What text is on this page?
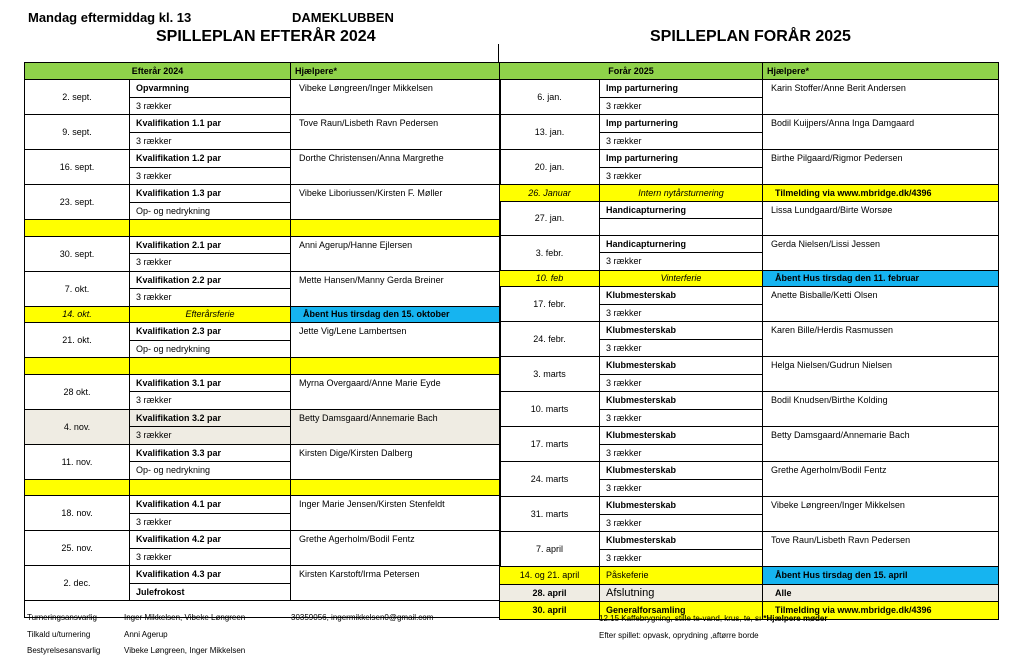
Mandag eftermiddag kl. 13	DAMEKLUBBEN
SPILLEPLAN EFTERÅR 2024	SPILLEPLAN FORÅR 2025
Efterår 2024		Hjælpere*
2. sept.	Opvarmning	Vibeke Løngreen/Inger Mikkelsen
	3 rækker	
9. sept.	Kvalifikation 1.1 par	Tove Raun/Lisbeth Ravn Pedersen
	3 rækker	
16. sept.	Kvalifikation 1.2 par	Dorthe Christensen/Anna Margrethe
	3 rækker	
23. sept.	Kvalifikation 1.3 par	Vibeke Liboriussen/Kirsten F. Møller
	Op- og nedrykning	

30. sept.	Kvalifikation 2.1 par	Anni Agerup/Hanne Ejlersen
	3 rækker	
7. okt.	Kvalifikation 2.2 par	Mette Hansen/Manny Gerda Breiner
	3 rækker	
14. okt.	Efterårsferie	Åbent Hus tirsdag den 15. oktober
21. okt.	Kvalifikation 2.3 par	Jette Vig/Lene Lambertsen
	Op- og nedrykning	

28 okt.	Kvalifikation 3.1 par	Myrna Overgaard/Anne Marie Eyde
	3 rækker	
4. nov.	Kvalifikation 3.2 par	Betty Damsgaard/Annemarie Bach
	3 rækker	
11. nov.	Kvalifikation 3.3 par	Kirsten Dige/Kirsten Dalberg
	Op- og nedrykning	

18. nov.	Kvalifikation 4.1 par	Inger Marie Jensen/Kirsten Stenfeldt
	3 rækker	
25. nov.	Kvalifikation 4.2 par	Grethe Agerholm/Bodil Fentz
	3 rækker	
2. dec.	Kvalifikation 4.3 par	Kirsten Karstoft/Irma Petersen
	Julefrokost	

Forår 2025		Hjælpere*
6. jan.	Imp parturnering	Karin Stoffer/Anne Berit Andersen
	3 rækker	
13. jan.	Imp parturnering	Bodil Kuijpers/Anna Inga Damgaard
	3 rækker	
20. jan.	Imp parturnering	Birthe Pilgaard/Rigmor Pedersen
	3 rækker	
26. Januar	Intern nytårsturnering	Tilmelding via www.mbridge.dk/4396
27. jan.	Handicapturnering	Lissa Lundgaard/Birte Worsøe

3. febr.	Handicapturnering	Gerda Nielsen/Lissi Jessen
	3 rækker	
10. feb	Vinterferie	Åbent Hus tirsdag den 11. februar
17. febr.	Klubmesterskab	Anette Bisballe/Ketti Olsen
	3 rækker	
24. febr.	Klubmesterskab	Karen Bille/Herdis Rasmussen
	3 rækker	
3. marts	Klubmesterskab	Helga Nielsen/Gudrun Nielsen
	3 rækker	
10. marts	Klubmesterskab	Bodil Knudsen/Birthe Kolding
	3 rækker	
17. marts	Klubmesterskab	Betty Damsgaard/Annemarie Bach
	3 rækker	
24. marts	Klubmesterskab	Grethe Agerholm/Bodil Fentz
	3 rækker	
31. marts	Klubmesterskab	Vibeke Løngreen/Inger Mikkelsen
	3 rækker	
7. april	Klubmesterskab	Tove Raun/Lisbeth Ravn Pedersen
	3 rækker	
14. og 21. april	Påskeferie	Åbent Hus tirsdag den 15. april
28. april	Afslutning	Alle
30. april	Generalforsamling	Tilmelding via www.mbridge.dk/4396
Turneringsansvarlig	Inger Mikkelsen, Vibeke Løngreen	30359056, ingermikkelsen0@gmail.com
Tilkald u/turnering	Anni Agerup
Bestyrelsesansvarlig	Vibeke Løngreen, Inger Mikkelsen
12.15 Kaffebrygning, stille te-vand, krus, te, sı *Hjælpere møder
Efter spillet: opvask, oprydning ,aftørre borde
